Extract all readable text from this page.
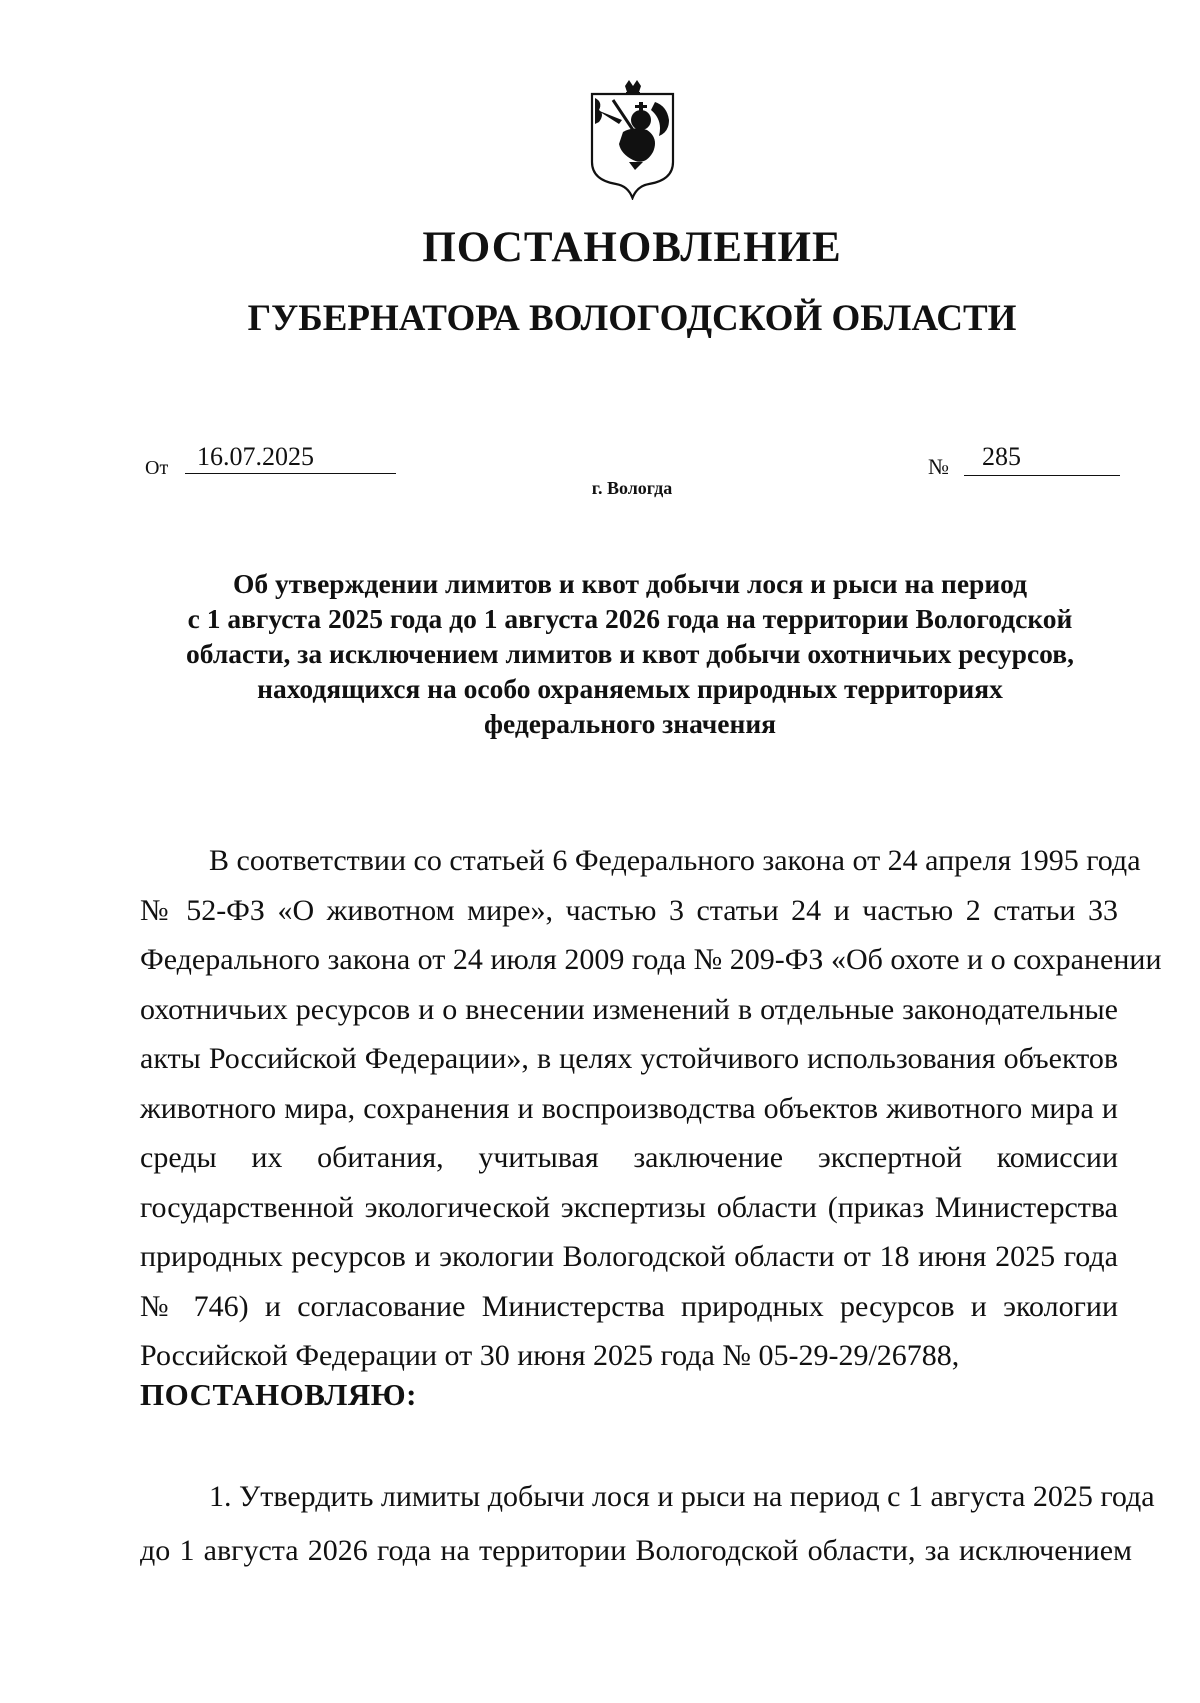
ПОСТАНОВЛЕНИЕ
ГУБЕРНАТОРА ВОЛОГОДСКОЙ ОБЛАСТИ
От	16.07.2025	№	285
г. Вологда
Об утверждении лимитов и квот добычи лося и рыси на период
с 1 августа 2025 года до 1 августа 2026 года на территории Вологодской
области, за исключением лимитов и квот добычи охотничьих ресурсов,
находящихся на особо охраняемых природных территориях
федерального значения
В соответствии со статьей 6 Федерального закона от 24 апреля 1995 года
№ 52-ФЗ «О животном мире», частью 3 статьи 24 и частью 2 статьи 33
Федерального закона от 24 июля 2009 года № 209-ФЗ «Об охоте и о сохранении
охотничьих ресурсов и о внесении изменений в отдельные законодательные
акты Российской Федерации», в целях устойчивого использования объектов
животного мира, сохранения и воспроизводства объектов животного мира и
среды их обитания, учитывая заключение экспертной комиссии
государственной экологической экспертизы области (приказ Министерства
природных ресурсов и экологии Вологодской области от 18 июня 2025 года
№ 746) и согласование Министерства природных ресурсов и экологии
Российской Федерации от 30 июня 2025 года № 05-29-29/26788,
ПОСТАНОВЛЯЮ:
1. Утвердить лимиты добычи лося и рыси на период с 1 августа 2025 года
до 1 августа 2026 года на территории Вологодской области, за исключением
